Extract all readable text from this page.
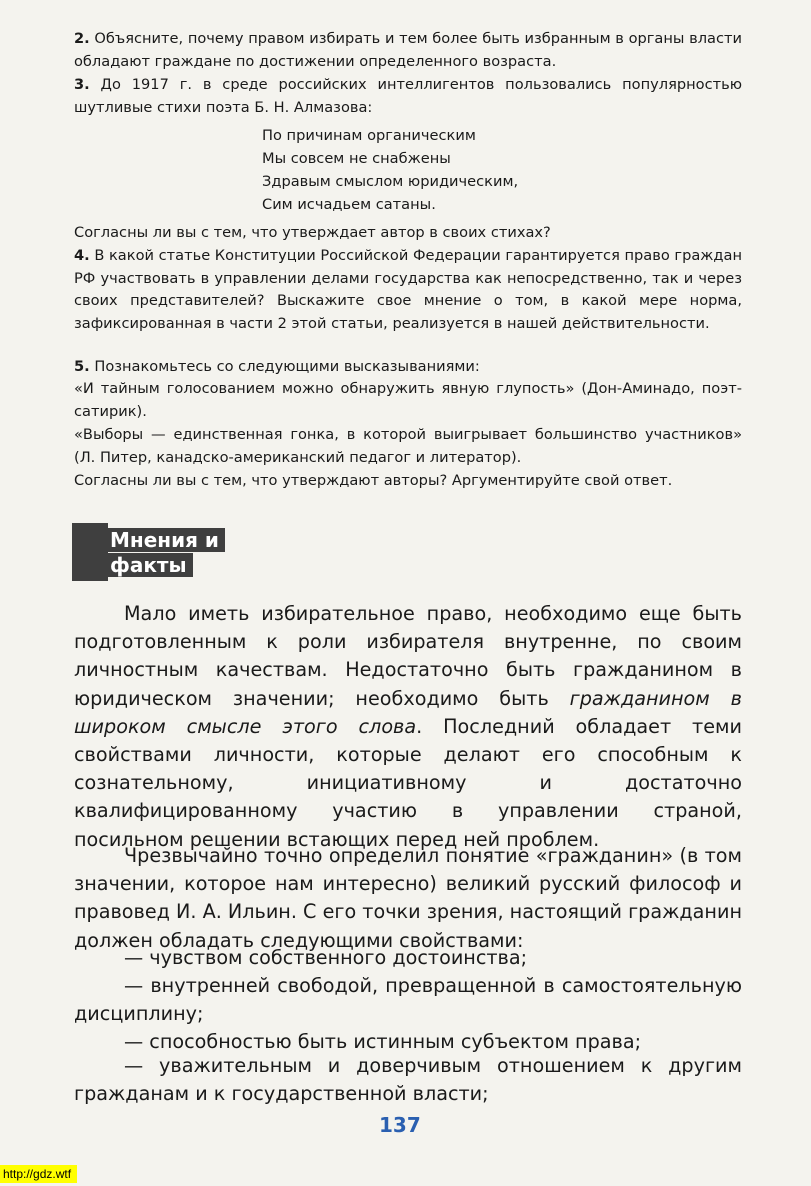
2. Объясните, почему правом избирать и тем более быть избранным в органы власти обладают граждане по достижении определенного возраста.

3. До 1917 г. в среде российских интеллигентов пользовались популярностью шутливые стихи поэта Б. Н. Алмазова:

По причинам органическим
Мы совсем не снабжены
Здравым смыслом юридическим,
Сим исчадьем сатаны.

Согласны ли вы с тем, что утверждает автор в своих стихах?

4. В какой статье Конституции Российской Федерации гарантируется право граждан РФ участвовать в управлении делами государства как непосредственно, так и через своих представителей? Выскажите свое мнение о том, в какой мере норма, зафиксированная в части 2 этой статьи, реализуется в нашей действительности.

5. Познакомьтесь со следующими высказываниями:

«И тайным голосованием можно обнаружить явную глупость» (Дон-Аминадо, поэт-сатирик).

«Выборы — единственная гонка, в которой выигрывает большинство участников» (Л. Питер, канадско-американский педагог и литератор).

Согласны ли вы с тем, что утверждают авторы? Аргументируйте свой ответ.

Мнения и
факты

Мало иметь избирательное право, необходимо еще быть подготовленным к роли избирателя внутренне, по своим личностным качествам. Недостаточно быть гражданином в юридическом значении; необходимо быть гражданином в широком смысле этого слова. Последний обладает теми свойствами личности, которые делают его способным к сознательному, инициативному и достаточно квалифицированному участию в управлении страной, посильном решении встающих перед ней проблем.

Чрезвычайно точно определил понятие «гражданин» (в том значении, которое нам интересно) великий русский философ и правовед И. А. Ильин. С его точки зрения, настоящий гражданин должен обладать следующими свойствами:

— чувством собственного достоинства;

— внутренней свободой, превращенной в самостоятельную дисциплину;

— способностью быть истинным субъектом права;

— уважительным и доверчивым отношением к другим гражданам и к государственной власти;

137
http://gdz.wtf
